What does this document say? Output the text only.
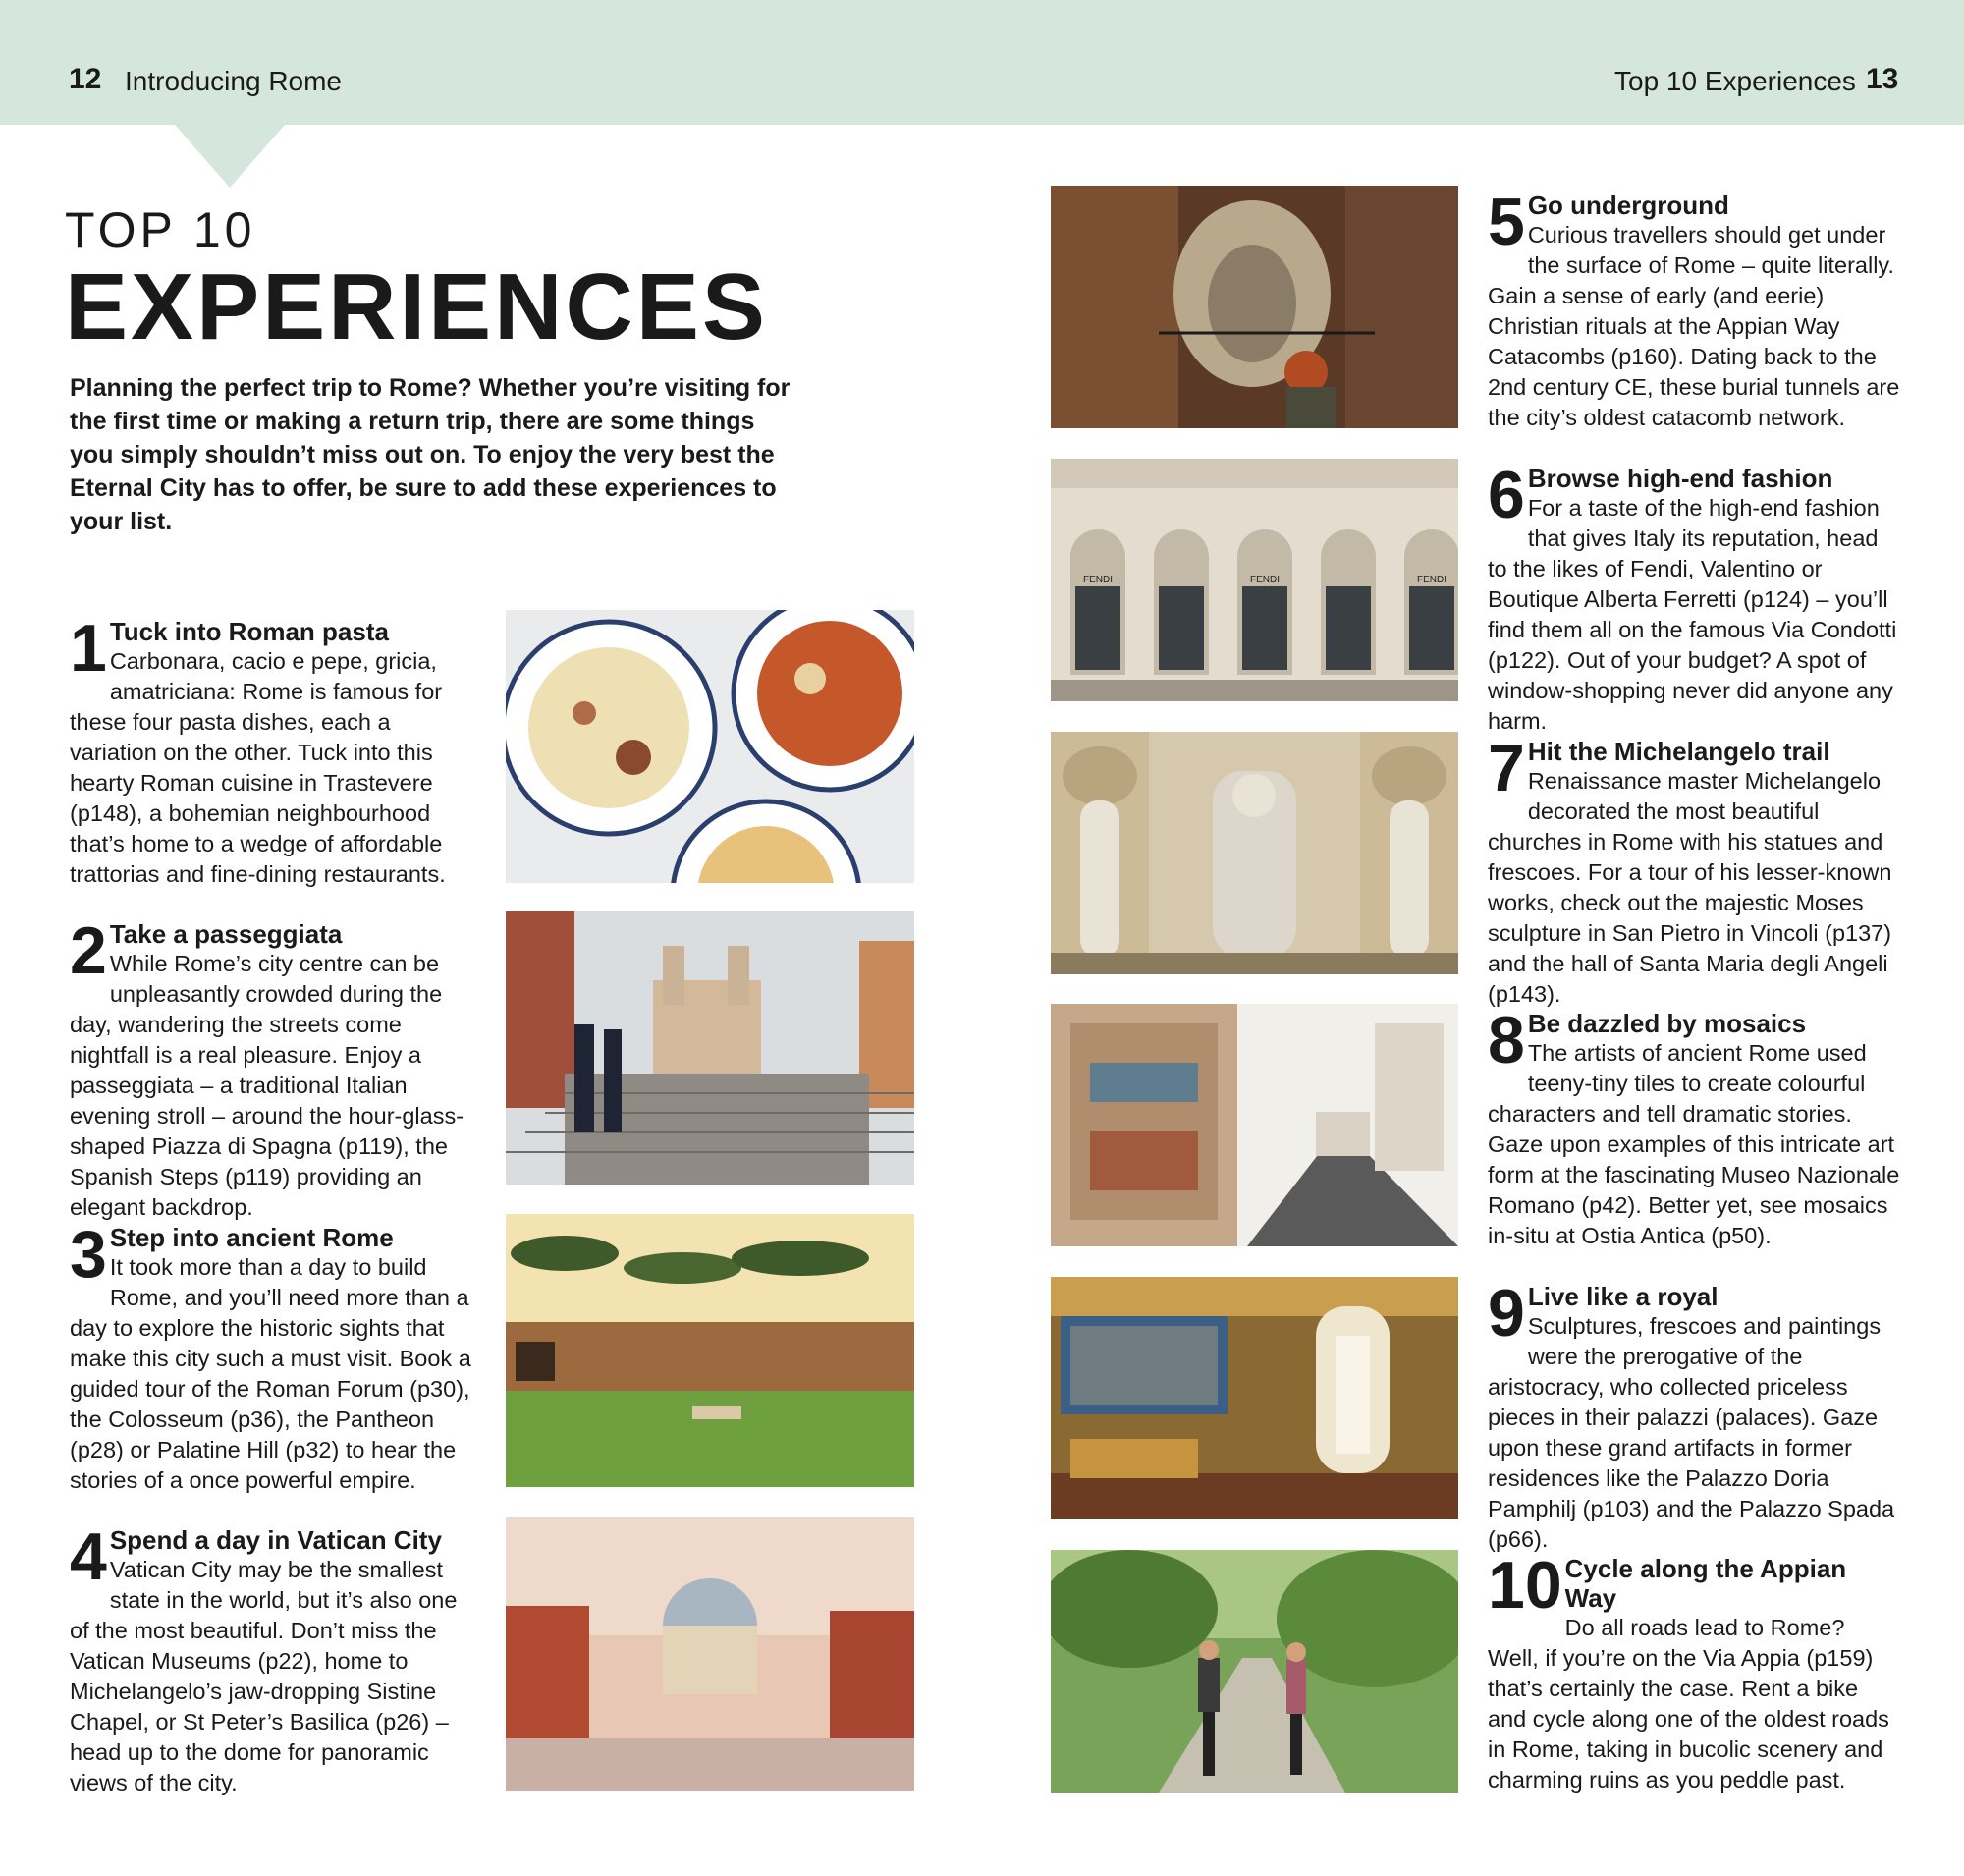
12 Introducing Rome	Top 10 Experiences 13
TOP 10
EXPERIENCES
Planning the perfect trip to Rome? Whether you’re visiting for the first time or making a return trip, there are some things you simply shouldn’t miss out on. To enjoy the very best the Eternal City has to offer, be sure to add these experiences to your list.
1 Tuck into Roman pasta
Carbonara, cacio e pepe, gricia, amatriciana: Rome is famous for these four pasta dishes, each a variation on the other. Tuck into this hearty Roman cuisine in Trastevere (p148), a bohemian neighbourhood that’s home to a wedge of affordable trattorias and fine-dining restaurants.
2 Take a passeggiata
While Rome’s city centre can be unpleasantly crowded during the day, wandering the streets come nightfall is a real pleasure. Enjoy a passeggiata – a traditional Italian evening stroll – around the hour-glass-shaped Piazza di Spagna (p119), the Spanish Steps (p119) providing an elegant backdrop.
3 Step into ancient Rome
It took more than a day to build Rome, and you’ll need more than a day to explore the historic sights that make this city such a must visit. Book a guided tour of the Roman Forum (p30), the Colosseum (p36), the Pantheon (p28) or Palatine Hill (p32) to hear the stories of a once powerful empire.
4 Spend a day in Vatican City
Vatican City may be the smallest state in the world, but it’s also one of the most beautiful. Don’t miss the Vatican Museums (p22), home to Michelangelo’s jaw-dropping Sistine Chapel, or St Peter’s Basilica (p26) – head up to the dome for panoramic views of the city.
5 Go underground
Curious travellers should get under the surface of Rome – quite literally. Gain a sense of early (and eerie) Christian rituals at the Appian Way Catacombs (p160). Dating back to the 2nd century CE, these burial tunnels are the city’s oldest catacomb network.
6 Browse high-end fashion
For a taste of the high-end fashion that gives Italy its reputation, head to the likes of Fendi, Valentino or Boutique Alberta Ferretti (p124) – you’ll find them all on the famous Via Condotti (p122). Out of your budget? A spot of window-shopping never did anyone any harm.
7 Hit the Michelangelo trail
Renaissance master Michelangelo decorated the most beautiful churches in Rome with his statues and frescoes. For a tour of his lesser-known works, check out the majestic Moses sculpture in San Pietro in Vincoli (p137) and the hall of Santa Maria degli Angeli (p143).
8 Be dazzled by mosaics
The artists of ancient Rome used teeny-tiny tiles to create colourful characters and tell dramatic stories. Gaze upon examples of this intricate art form at the fascinating Museo Nazionale Romano (p42). Better yet, see mosaics in-situ at Ostia Antica (p50).
9 Live like a royal
Sculptures, frescoes and paintings were the prerogative of the aristocracy, who collected priceless pieces in their palazzi (palaces). Gaze upon these grand artifacts in former residences like the Palazzo Doria Pamphilj (p103) and the Palazzo Spada (p66).
10 Cycle along the Appian Way
Do all roads lead to Rome? Well, if you’re on the Via Appia (p159) that’s certainly the case. Rent a bike and cycle along one of the oldest roads in Rome, taking in bucolic scenery and charming ruins as you peddle past.
FENDI	FENDI	FENDI
